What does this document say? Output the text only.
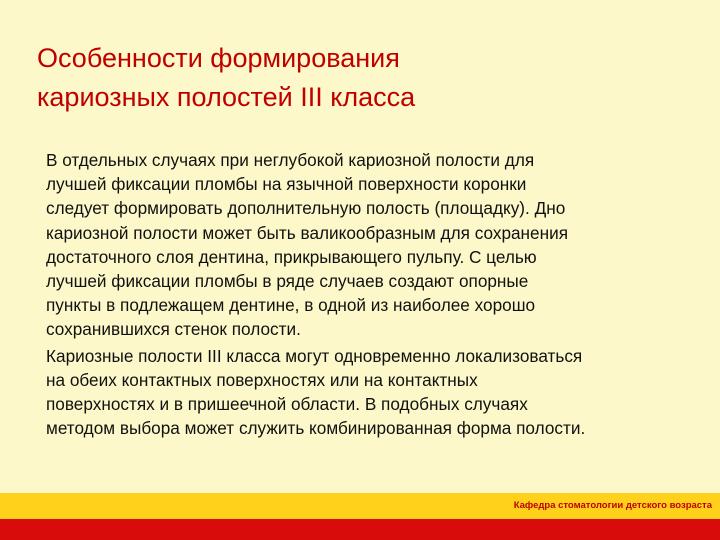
Особенности формирования
кариозных полостей III класса

В отдельных случаях при неглубокой кариозной полости для
лучшей фиксации пломбы на язычной поверхности коронки
следует формировать дополнительную полость (площадку). Дно
кариозной полости может быть валикообразным для сохранения
достаточного слоя дентина, прикрывающего пульпу. С целью
лучшей фиксации пломбы в ряде случаев создают опорные
пункты в подлежащем дентине, в одной из наиболее хорошо
сохранившихся стенок полости.

Кариозные полости III класса могут одновременно локализоваться
на обеих контактных поверхностях или на контактных
поверхностях и в пришеечной области. В подобных случаях
методом выбора может служить комбинированная форма полости.

Кафедра стоматологии детского возраста
